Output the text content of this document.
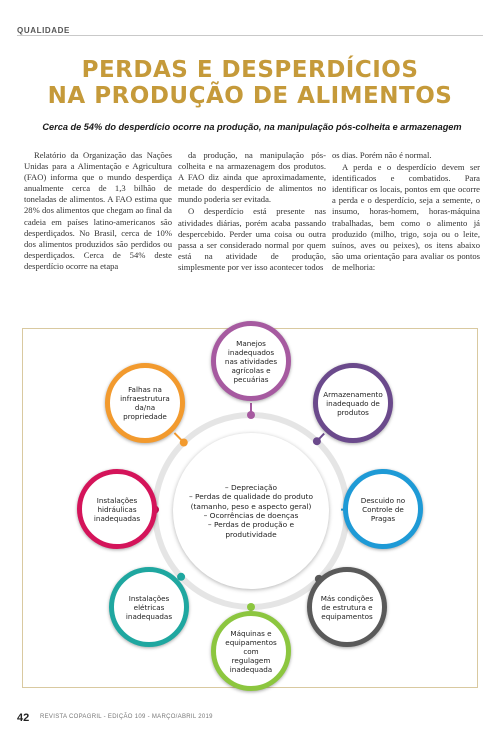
QUALIDADE
PERDAS E DESPERDÍCIOS
NA PRODUÇÃO DE ALIMENTOS
Cerca de 54% do desperdício ocorre na produção, na manipulação pós-colheita e armazenagem

Relatório da Organização das Nações Unidas para a Alimentação e Agricultura (FAO) informa que o mundo desperdiça anualmente cerca de 1,3 bilhão de toneladas de alimentos. A FAO estima que 28% dos alimentos que chegam ao final da cadeia em países latino-americanos são desperdiçados. No Brasil, cerca de 10% dos alimentos produzidos são perdidos ou desperdiçados. Cerca de 54% deste desperdício ocorre na etapa

da produção, na manipulação pós-colheita e na armazenagem dos produtos. A FAO diz ainda que aproximadamente, metade do desperdício de alimentos no mundo poderia ser evitada.

O desperdício está presente nas atividades diárias, porém acaba passando despercebido. Perder uma coisa ou outra passa a ser considerado normal por quem está na atividade de produção, simplesmente por ver isso acontecer todos

os dias. Porém não é normal.

A perda e o desperdício devem ser identificados e combatidos. Para identificar os locais, pontos em que ocorre a perda e o desperdício, seja a semente, o insumo, horas-homem, horas-máquina trabalhadas, bem como o alimento já produzido (milho, trigo, soja ou o leite, suínos, aves ou peixes), os itens abaixo são uma orientação para avaliar os pontos de melhoria:

– Depreciação
– Perdas de qualidade do produto (tamanho, peso e aspecto geral)
– Ocorrências de doenças
– Perdas de produção e produtividade
Manejos inadequados nas atividades agrícolas e pecuárias
Armazenamento inadequado de produtos
Descuido no Controle de Pragas
Más condições de estrutura e equipamentos
Máquinas e equipamentos com regulagem inadequada
Instalações elétricas inadequadas
Instalações hidráulicas inadequadas
Falhas na infraestrutura da/na propriedade
42 REVISTA COPAGRIL - EDIÇÃO 109 - MARÇO/ABRIL 2019
